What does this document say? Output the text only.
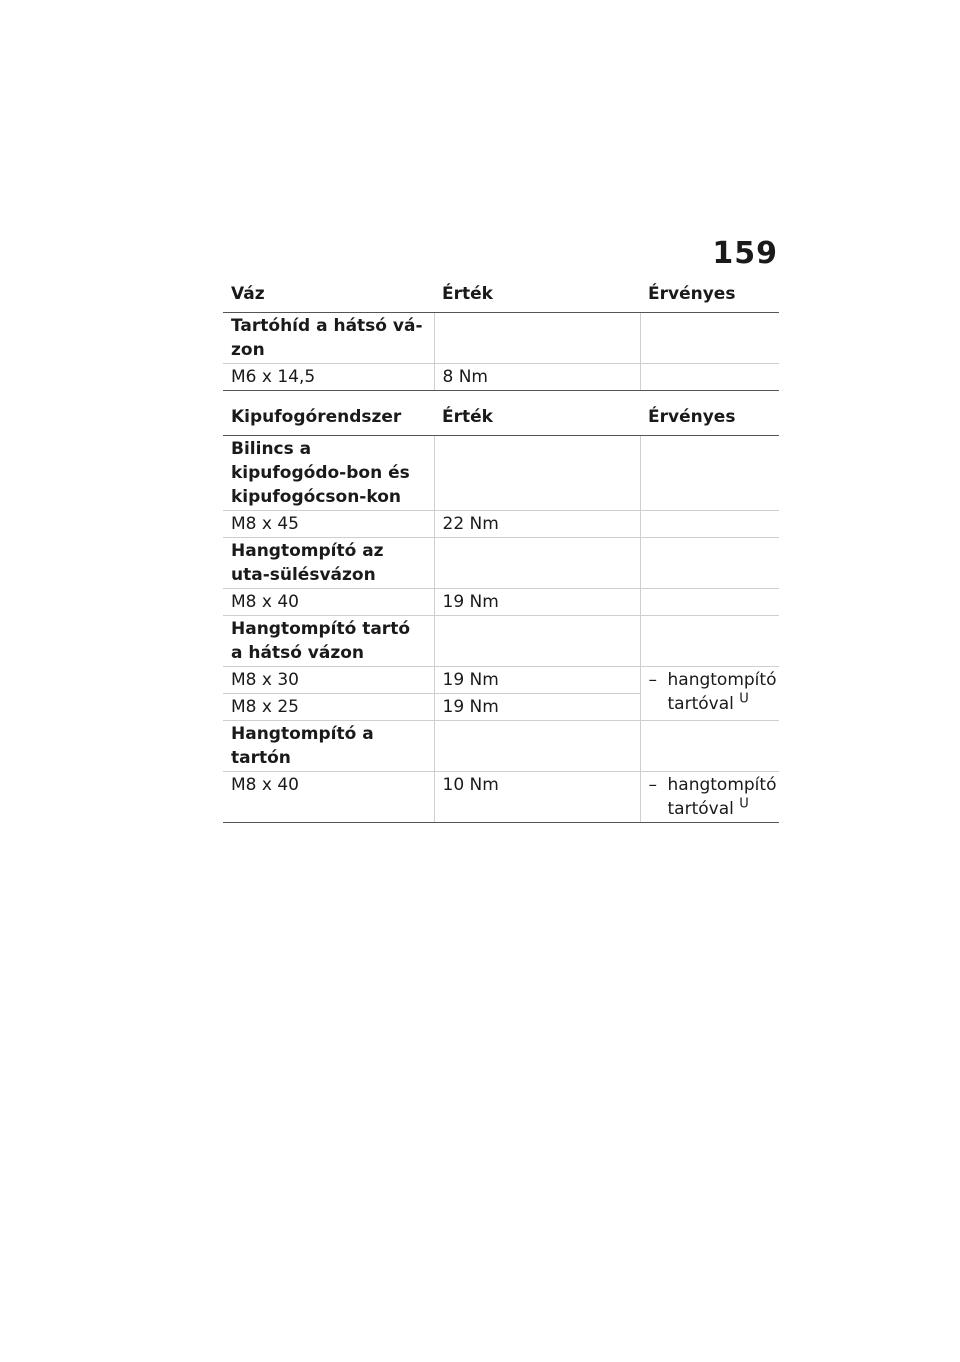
159
Váz	Érték	Érvényes
Tartóhíd a hátsó vá-zon		
M6 x 14,5	8 Nm	
Kipufogórendszer	Érték	Érvényes
Bilincs a kipufogódo-bon és kipufogócson-kon		
M8 x 45	22 Nm	
Hangtompító az uta-sülésvázon		
M8 x 40	19 Nm	
Hangtompító tartó a hátsó vázon		
M8 x 30	19 Nm	– hangtompító tartóval $^U$
M8 x 25	19 Nm	
Hangtompító a tartón		
M8 x 40	10 Nm	– hangtompító tartóval $^U$
